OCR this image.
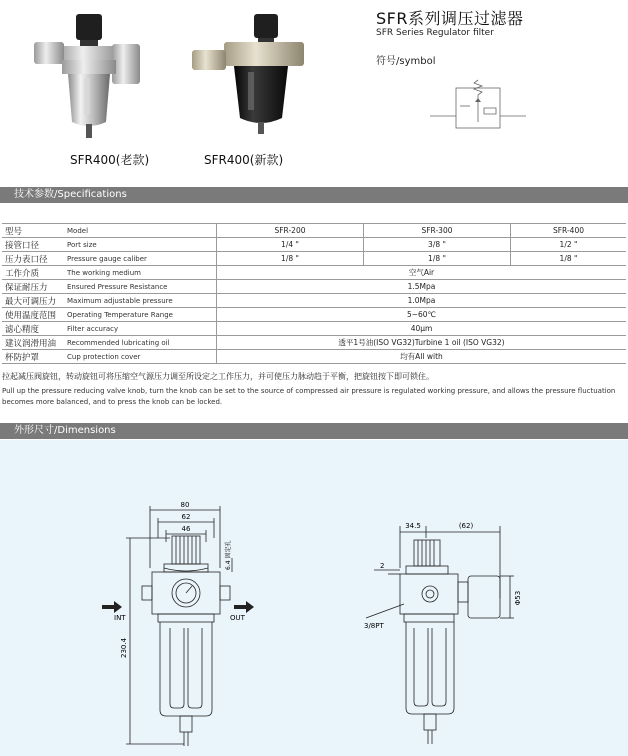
SFR400(老款)	SFR400(新款)
SFR系列调压过滤器
SFR Series Regulator filter
符号/symbol
技术参数/Specifications
型号	Model	SFR-200	SFR-300	SFR-400
接管口径	Port size	1/4 "	3/8 "	1/2 "
压力表口径	Pressure gauge caliber	1/8 "	1/8 "	1/8 "
工作介质	The working medium	空气Air		
保证耐压力	Ensured Pressure Resistance	1.5Mpa		
最大可调压力	Maximum adjustable pressure	1.0Mpa		
使用温度范围	Operating Temperature Range	5~60℃		
滤心精度	Filter accuracy	40μm		
建议润滑用油	Recommended lubricating oil	透平1号油(ISO VG32)Turbine 1 oil (ISO VG32)		
杯防护罩	Cup protection cover	均有All with		
拉起减压阀旋钮，转动旋钮可将压缩空气源压力调至所设定之工作压力，并可使压力脉动趋于平衡，把旋钮按下即可锁住。
Pull up the pressure reducing valve knob, turn the knob can be set to the source of compressed air pressure is regulated working pressure, and allows the pressure fluctuation becomes more balanced, and to press the knob can be locked.
外形尺寸/Dimensions
80
62
46
6.4 固定孔
230.4
INT	OUT
34.5	(62)
2
Φ53
3/8PT
